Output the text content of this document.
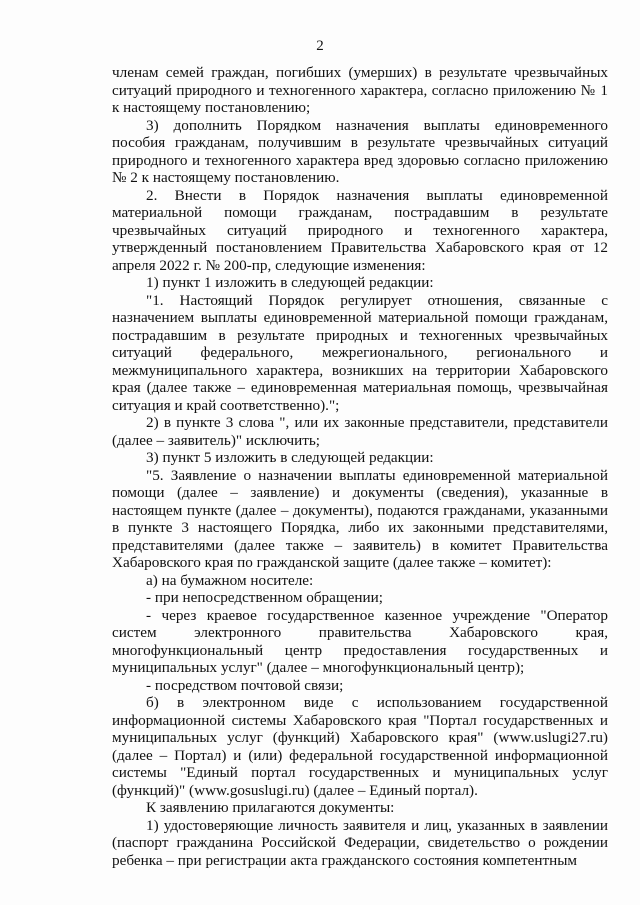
2

членам семей граждан, погибших (умерших) в результате чрезвычайных ситуаций природного и техногенного характера, согласно приложению № 1 к настоящему постановлению;

3) дополнить Порядком назначения выплаты единовременного пособия гражданам, получившим в результате чрезвычайных ситуаций природного и техногенного характера вред здоровью согласно приложению № 2 к настоящему постановлению.

2. Внести в Порядок назначения выплаты единовременной материальной помощи гражданам, пострадавшим в результате чрезвычайных ситуаций природного и техногенного характера, утвержденный постановлением Правительства Хабаровского края от 12 апреля 2022 г. № 200-пр, следующие изменения:

1) пункт 1 изложить в следующей редакции:

"1. Настоящий Порядок регулирует отношения, связанные с назначением выплаты единовременной материальной помощи гражданам, пострадавшим в результате природных и техногенных чрезвычайных ситуаций федерального, межрегионального, регионального и межмуниципального характера, возникших на территории Хабаровского края (далее также – единовременная материальная помощь, чрезвычайная ситуация и край соответственно).";

2) в пункте 3 слова ", или их законные представители, представители (далее – заявитель)" исключить;

3) пункт 5 изложить в следующей редакции:

"5. Заявление о назначении выплаты единовременной материальной помощи (далее – заявление) и документы (сведения), указанные в настоящем пункте (далее – документы), подаются гражданами, указанными в пункте 3 настоящего Порядка, либо их законными представителями, представителями (далее также – заявитель) в комитет Правительства Хабаровского края по гражданской защите (далее также – комитет):

а) на бумажном носителе:

- при непосредственном обращении;

- через краевое государственное казенное учреждение "Оператор систем электронного правительства Хабаровского края, многофункциональный центр предоставления государственных и муниципальных услуг" (далее – многофункциональный центр);

- посредством почтовой связи;

б) в электронном виде с использованием государственной информационной системы Хабаровского края "Портал государственных и муниципальных услуг (функций) Хабаровского края" (www.uslugi27.ru) (далее – Портал) и (или) федеральной государственной информационной системы "Единый портал государственных и муниципальных услуг (функций)" (www.gosuslugi.ru) (далее – Единый портал).

К заявлению прилагаются документы:

1) удостоверяющие личность заявителя и лиц, указанных в заявлении (паспорт гражданина Российской Федерации, свидетельство о рождении ребенка – при регистрации акта гражданского состояния компетентным
